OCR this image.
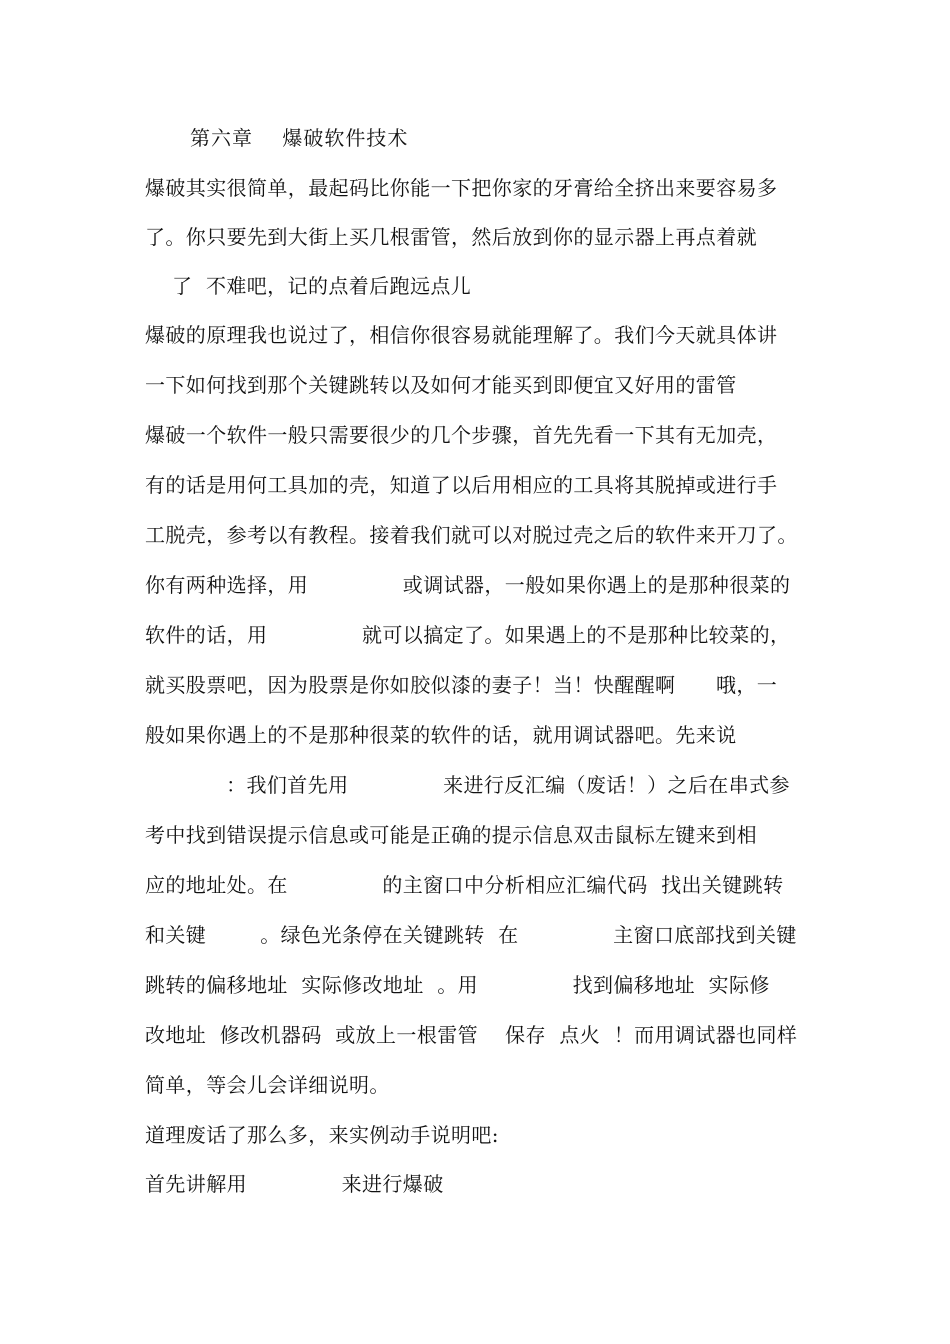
第六章    爆破软件技术
爆破其实很简单，最起码比你能一下把你家的牙膏给全挤出来要容易多
了。你只要先到大街上买几根雷管，然后放到你的显示器上再点着就
了  不难吧，记的点着后跑远点儿
爆破的原理我也说过了，相信你很容易就能理解了。我们今天就具体讲
一下如何找到那个关键跳转以及如何才能买到即便宜又好用的雷管
爆破一个软件一般只需要很少的几个步骤，首先先看一下其有无加壳，
有的话是用何工具加的壳，知道了以后用相应的工具将其脱掉或进行手
工脱壳，参考以有教程。接着我们就可以对脱过壳之后的软件来开刀了。
你有两种选择，用              或调试器，一般如果你遇上的是那种很菜的
软件的话，用              就可以搞定了。如果遇上的不是那种比较菜的，
就买股票吧，因为股票是你如胶似漆的妻子！当！快醒醒啊      哦，一
般如果你遇上的不是那种很菜的软件的话，就用调试器吧。先来说
：我们首先用              来进行反汇编（废话！）之后在串式参
考中找到错误提示信息或可能是正确的提示信息双击鼠标左键来到相
应的地址处。在              的主窗口中分析相应汇编代码  找出关键跳转
和关键        。绿色光条停在关键跳转  在              主窗口底部找到关键
跳转的偏移地址  实际修改地址  。用              找到偏移地址  实际修
改地址  修改机器码  或放上一根雷管    保存  点火  ！而用调试器也同样
简单，等会儿会详细说明。
道理废话了那么多，来实例动手说明吧:
首先讲解用              来进行爆破
